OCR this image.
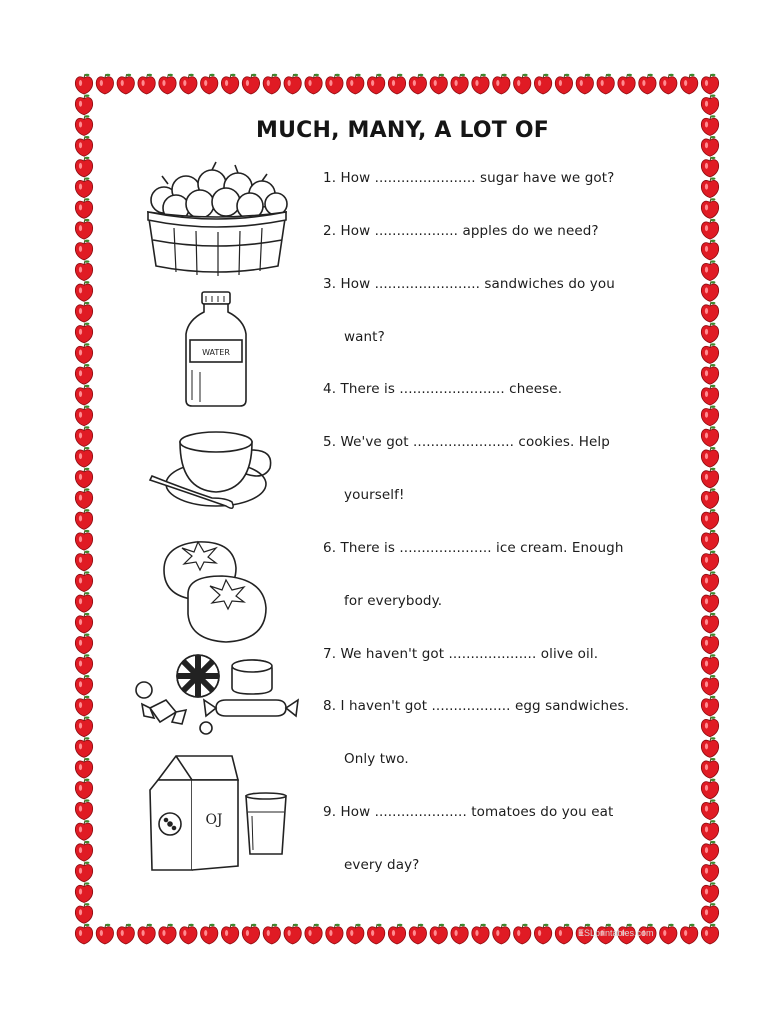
MUCH, MANY, A LOT OF
1. How ....................... sugar have we got?
2. How ................... apples do we need?
3. How ........................ sandwiches do you
want?
4. There is ........................ cheese.
5. We've got ....................... cookies. Help
yourself!
6. There is ..................... ice cream. Enough
for everybody.
7. We haven't got .................... olive oil.
8. I haven't got .................. egg sandwiches.
Only two.
9. How ..................... tomatoes do you eat
every day?
WATER
OJ
ESLprintables.com
